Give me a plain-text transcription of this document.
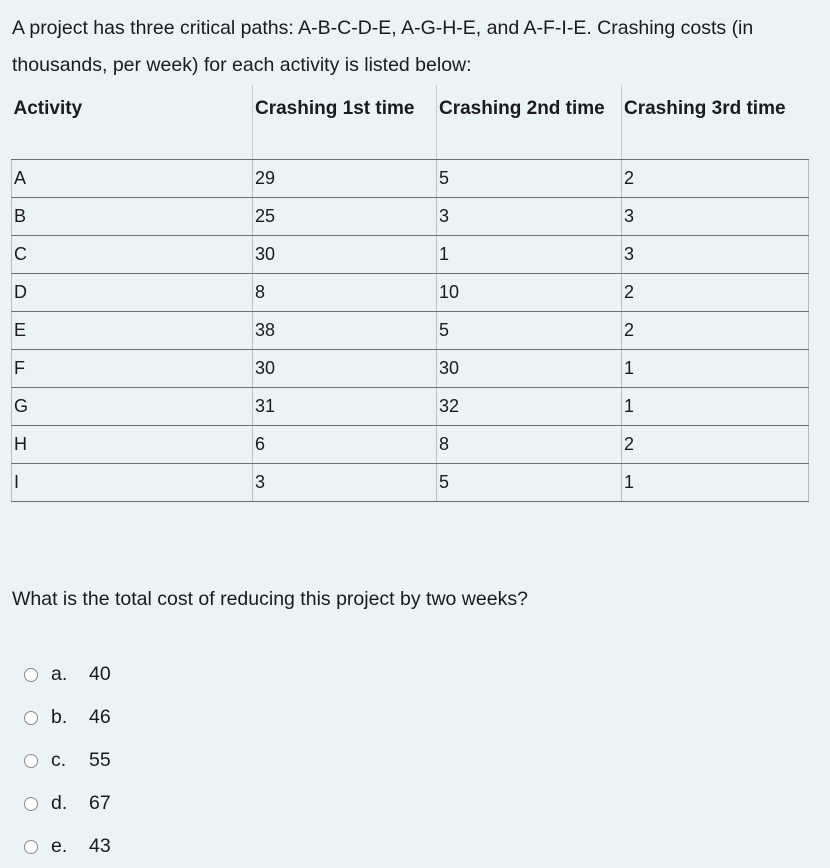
A project has three critical paths: A-B-C-D-E, A-G-H-E, and A-F-I-E. Crashing costs (in thousands, per week) for each activity is listed below:

Activity	Crashing 1st time	Crashing 2nd time	Crashing 3rd time
A	29	5	2
B	25	3	3
C	30	1	3
D	8	10	2
E	38	5	2
F	30	30	1
G	31	32	1
H	6	8	2
I	3	5	1

What is the total cost of reducing this project by two weeks?

a.	40
b.	46
c.	55
d.	67
e.	43
